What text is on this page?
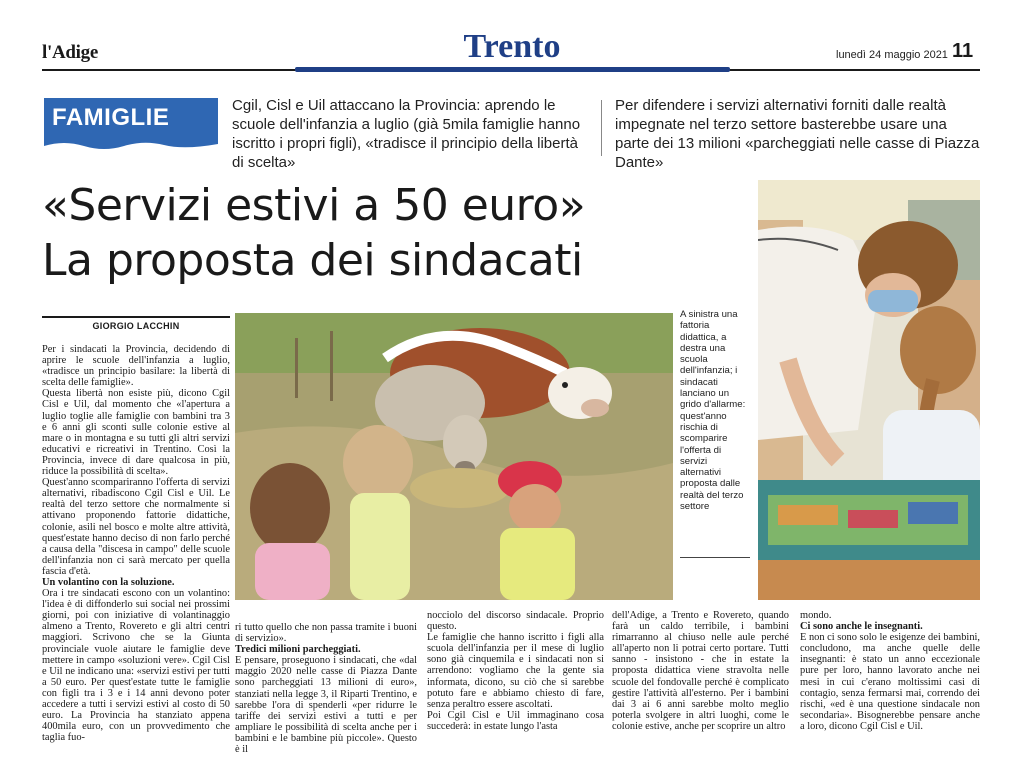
l'Adige	Trento	lunedì 24 maggio 2021 11
FAMIGLIE	Cgil, Cisl e Uil attaccano la Provincia: aprendo le scuole dell'infanzia a luglio (già 5mila famiglie hanno iscritto i propri figli), «tradisce il principio della libertà di scelta»
Per difendere i servizi alternativi forniti dalle realtà impegnate nel terzo settore basterebbe usare una parte dei 13 milioni «parcheggiati nelle casse di Piazza Dante»
«Servizi estivi a 50 euro»
La proposta dei sindacati
GIORGIO LACCHIN
A sinistra una fattoria didattica, a destra una scuola dell'infanzia; i sindacati lanciano un grido d'allarme: quest'anno rischia di scomparire l'offerta di servizi alternativi proposta dalle realtà del terzo settore

Per i sindacati la Provincia, decidendo di aprire le scuole dell'infanzia a luglio, «tradisce un principio basilare: la libertà di scelta delle famiglie».

Questa libertà non esiste più, dicono Cgil Cisl e Uil, dal momento che «l'apertura a luglio toglie alle famiglie con bambini tra 3 e 6 anni gli sconti sulle colonie estive al mare o in montagna e su tutti gli altri servizi educativi e ricreativi in Trentino. Così la Provincia, invece di dare qualcosa in più, riduce la possibilità di scelta».

Quest'anno scompariranno l'offerta di servizi alternativi, ribadiscono Cgil Cisl e Uil. Le realtà del terzo settore che normalmente si attivano proponendo fattorie didattiche, colonie, asili nel bosco e molte altre attività, quest'estate hanno deciso di non farlo perché a causa della "discesa in campo" delle scuole dell'infanzia non ci sarà mercato per quella fascia d'età.

Un volantino con la soluzione.

Ora i tre sindacati escono con un volantino: l'idea è di diffonderlo sui social nei prossimi giorni, poi con iniziative di volantinaggio almeno a Trento, Rovereto e gli altri centri maggiori. Scrivono che se la Giunta provinciale vuole aiutare le famiglie deve mettere in campo «soluzioni vere». Cgil Cisl e Uil ne indicano una: «servizi estivi per tutti a 50 euro. Per quest'estate tutte le famiglie con figli tra i 3 e i 14 anni devono poter accedere a tutti i servizi estivi al costo di 50 euro. La Provincia ha stanziato appena 400mila euro, con un provvedimento che taglia fuo-

ri tutto quello che non passa tramite i buoni di servizio».

Tredici milioni parcheggiati.

E pensare, proseguono i sindacati, che «dal maggio 2020 nelle casse di Piazza Dante sono parcheggiati 13 milioni di euro», stanziati nella legge 3, il Riparti Trentino, e sarebbe l'ora di spenderli «per ridurre le tariffe dei servizi estivi a tutti e per ampliare le possibilità di scelta anche per i bambini e le bambine più piccole». Questo è il

nocciolo del discorso sindacale. Proprio questo.

Le famiglie che hanno iscritto i figli alla scuola dell'infanzia per il mese di luglio sono già cinquemila e i sindacati non si arrendono: vogliamo che la gente sia informata, dicono, su ciò che si sarebbe potuto fare e abbiamo chiesto di fare, senza peraltro essere ascoltati.

Poi Cgil Cisl e Uil immaginano cosa succederà: in estate lungo l'asta

dell'Adige, a Trento e Rovereto, quando farà un caldo terribile, i bambini rimarranno al chiuso nelle aule perché all'aperto non li potrai certo portare. Tutti sanno - insistono - che in estate la proposta didattica viene stravolta nelle scuole del fondovalle perché è complicato gestire l'attività all'esterno. Per i bambini dai 3 ai 6 anni sarebbe molto meglio poterla svolgere in altri luoghi, come le colonie estive, anche per scoprire un altro

mondo.

Ci sono anche le insegnanti.

E non ci sono solo le esigenze dei bambini, concludono, ma anche quelle delle insegnanti: è stato un anno eccezionale pure per loro, hanno lavorato anche nei mesi in cui c'erano moltissimi casi di contagio, senza fermarsi mai, correndo dei rischi, «ed è una questione sindacale non secondaria». Bisognerebbe pensare anche a loro, dicono Cgil Cisl e Uil.
